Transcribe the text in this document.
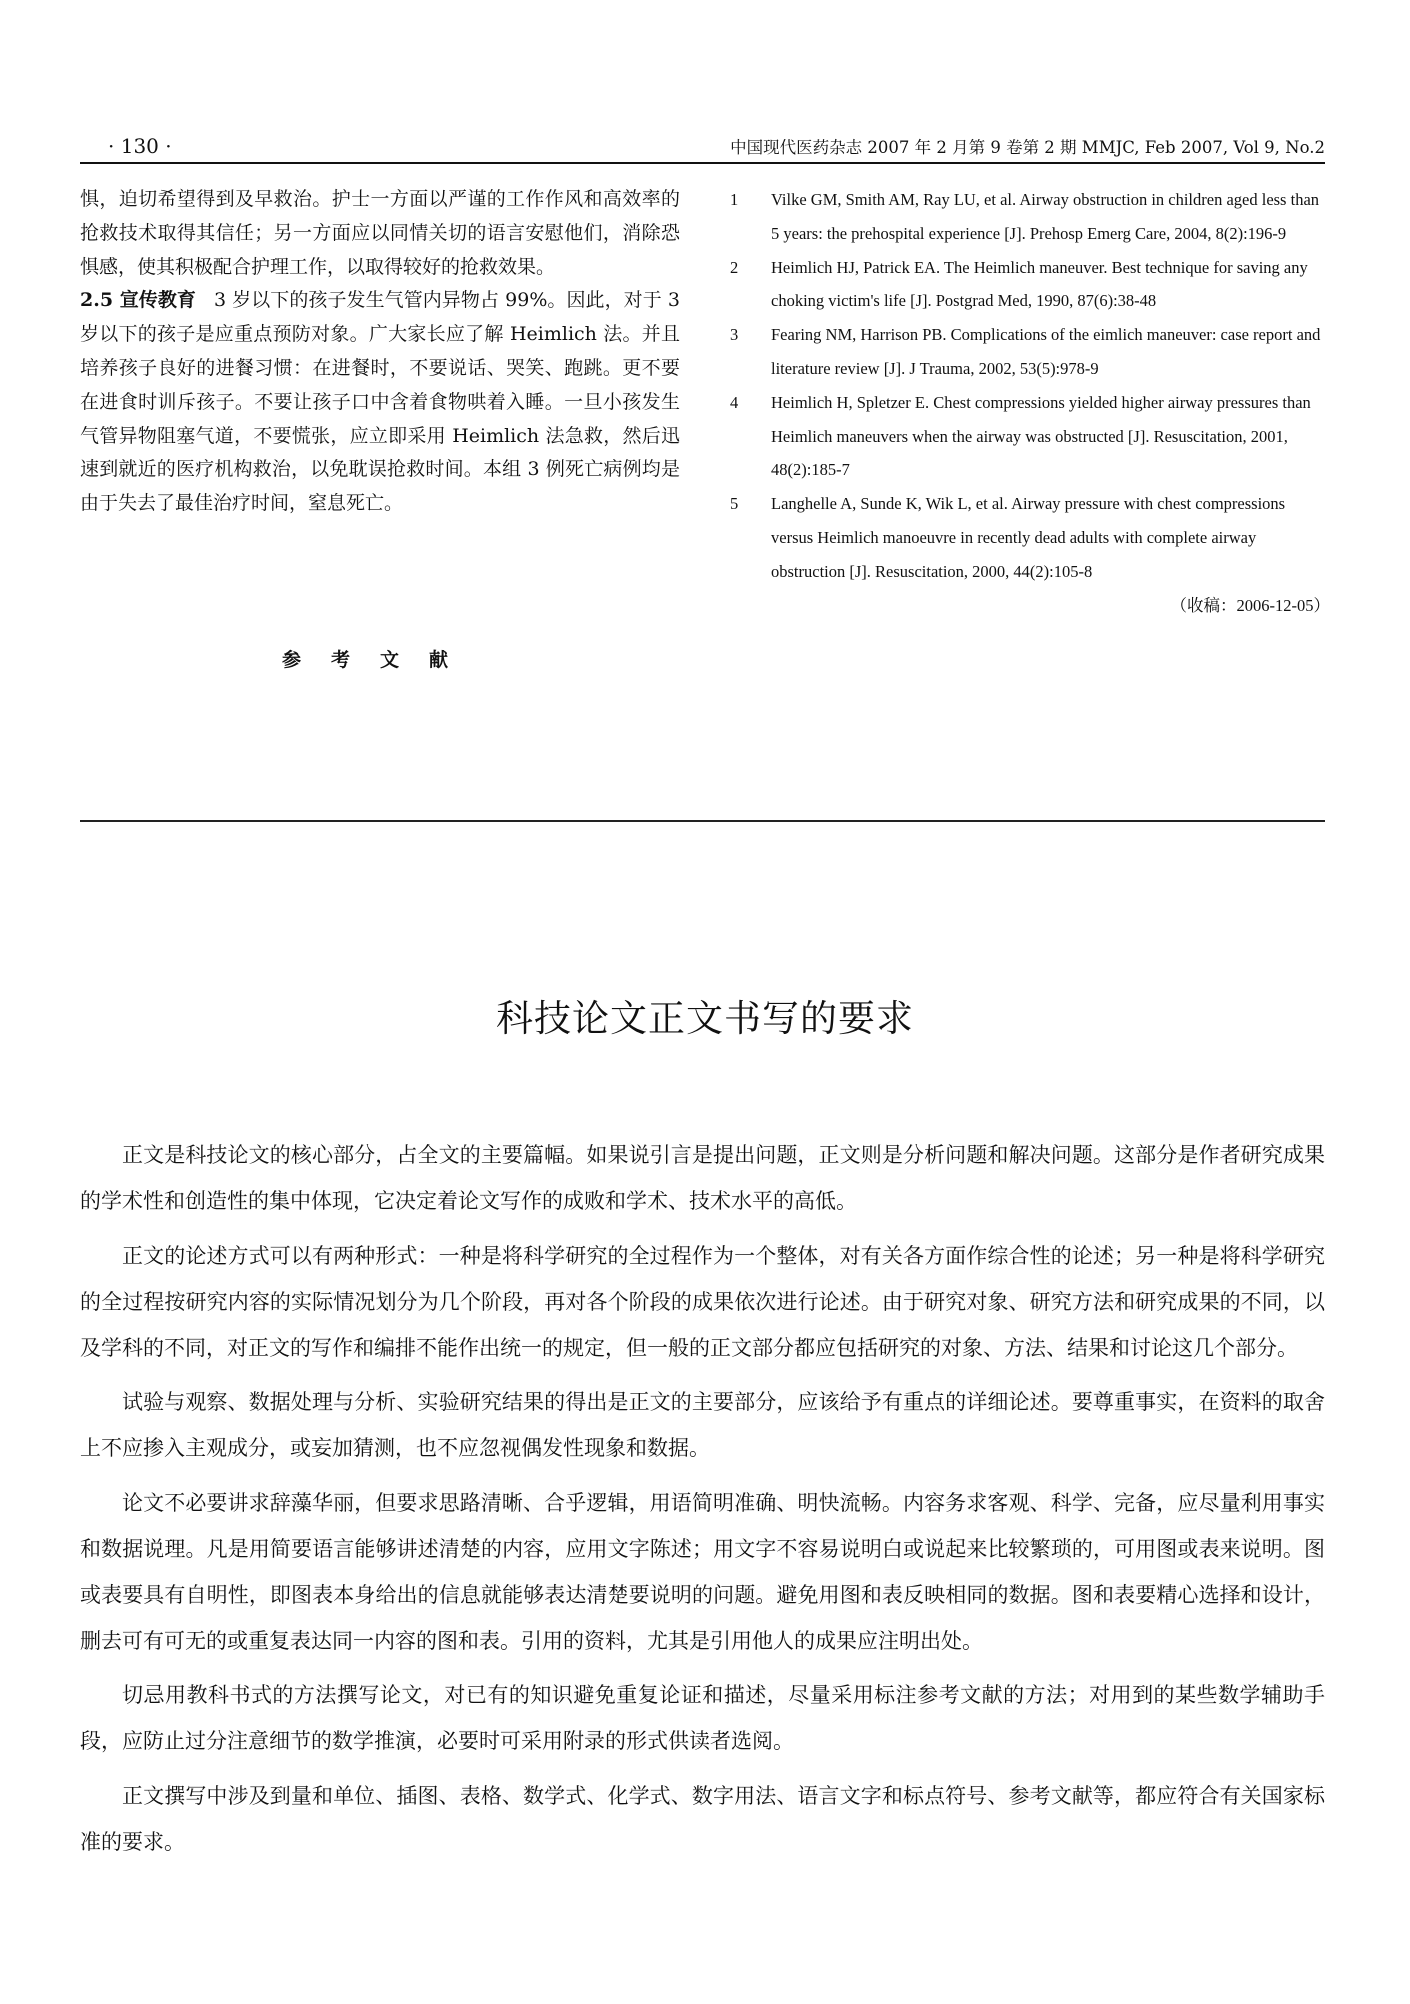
· 130 ·	中国现代医药杂志 2007 年 2 月第 9 卷第 2 期 MMJC, Feb 2007, Vol 9, No.2

惧，迫切希望得到及早救治。护士一方面以严谨的工作作风和高效率的抢救技术取得其信任；另一方面应以同情关切的语言安慰他们，消除恐惧感，使其积极配合护理工作，以取得较好的抢救效果。

2.5 宣传教育 3 岁以下的孩子发生气管内异物占 99%。因此，对于 3 岁以下的孩子是应重点预防对象。广大家长应了解 Heimlich 法。并且培养孩子良好的进餐习惯：在进餐时，不要说话、哭笑、跑跳。更不要在进食时训斥孩子。不要让孩子口中含着食物哄着入睡。一旦小孩发生气管异物阻塞气道，不要慌张，应立即采用 Heimlich 法急救，然后迅速到就近的医疗机构救治，以免耽误抢救时间。本组 3 例死亡病例均是由于失去了最佳治疗时间，窒息死亡。

参考文献
1	Vilke GM, Smith AM, Ray LU, et al. Airway obstruction in children aged less than 5 years: the prehospital experience [J]. Prehosp Emerg Care, 2004, 8(2):196-9
2	Heimlich HJ, Patrick EA. The Heimlich maneuver. Best technique for saving any choking victim's life [J]. Postgrad Med, 1990, 87(6):38-48
3	Fearing NM, Harrison PB. Complications of the eimlich maneuver: case report and literature review [J]. J Trauma, 2002, 53(5):978-9
4	Heimlich H, Spletzer E. Chest compressions yielded higher airway pressures than Heimlich maneuvers when the airway was obstructed [J]. Resuscitation, 2001, 48(2):185-7
5	Langhelle A, Sunde K, Wik L, et al. Airway pressure with chest compressions versus Heimlich manoeuvre in recently dead adults with complete airway obstruction [J]. Resuscitation, 2000, 44(2):105-8
（收稿：2006-12-05）
科技论文正文书写的要求

正文是科技论文的核心部分，占全文的主要篇幅。如果说引言是提出问题，正文则是分析问题和解决问题。这部分是作者研究成果的学术性和创造性的集中体现，它决定着论文写作的成败和学术、技术水平的高低。

正文的论述方式可以有两种形式：一种是将科学研究的全过程作为一个整体，对有关各方面作综合性的论述；另一种是将科学研究的全过程按研究内容的实际情况划分为几个阶段，再对各个阶段的成果依次进行论述。由于研究对象、研究方法和研究成果的不同，以及学科的不同，对正文的写作和编排不能作出统一的规定，但一般的正文部分都应包括研究的对象、方法、结果和讨论这几个部分。

试验与观察、数据处理与分析、实验研究结果的得出是正文的主要部分，应该给予有重点的详细论述。要尊重事实，在资料的取舍上不应掺入主观成分，或妄加猜测，也不应忽视偶发性现象和数据。

论文不必要讲求辞藻华丽，但要求思路清晰、合乎逻辑，用语简明准确、明快流畅。内容务求客观、科学、完备，应尽量利用事实和数据说理。凡是用简要语言能够讲述清楚的内容，应用文字陈述；用文字不容易说明白或说起来比较繁琐的，可用图或表来说明。图或表要具有自明性，即图表本身给出的信息就能够表达清楚要说明的问题。避免用图和表反映相同的数据。图和表要精心选择和设计，删去可有可无的或重复表达同一内容的图和表。引用的资料，尤其是引用他人的成果应注明出处。

切忌用教科书式的方法撰写论文，对已有的知识避免重复论证和描述，尽量采用标注参考文献的方法；对用到的某些数学辅助手段，应防止过分注意细节的数学推演，必要时可采用附录的形式供读者选阅。

正文撰写中涉及到量和单位、插图、表格、数学式、化学式、数字用法、语言文字和标点符号、参考文献等，都应符合有关国家标准的要求。
